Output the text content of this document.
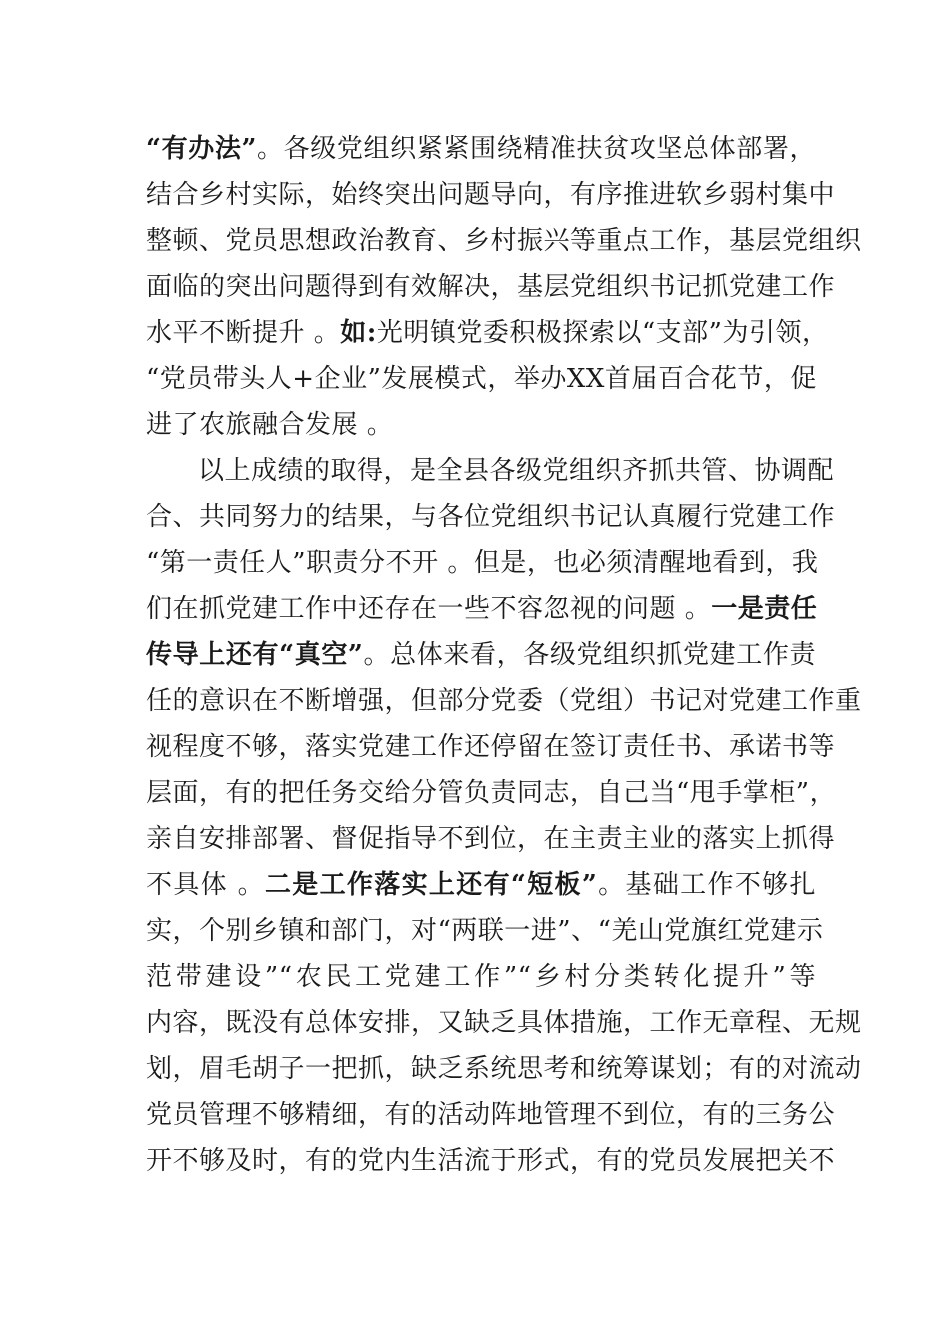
“有办法”。各级党组织紧紧围绕精准扶贫攻坚总体部署，
结合乡村实际，始终突出问题导向，有序推进软乡弱村集中
整顿、党员思想政治教育、乡村振兴等重点工作，基层党组织
面临的突出问题得到有效解决，基层党组织书记抓党建工作
水平不断提升 。如:光明镇党委积极探索以“支部”为引领，
“党员带头人+企业”发展模式，举办XX首届百合花节，促
进了农旅融合发展 。
以上成绩的取得，是全县各级党组织齐抓共管、协调配
合、共同努力的结果，与各位党组织书记认真履行党建工作
“第一责任人”职责分不开 。但是，也必须清醒地看到，我
们在抓党建工作中还存在一些不容忽视的问题 。一是责任
传导上还有“真空”。总体来看，各级党组织抓党建工作责
任的意识在不断增强，但部分党委（党组）书记对党建工作重
视程度不够，落实党建工作还停留在签订责任书、承诺书等
层面，有的把任务交给分管负责同志，自己当“甩手掌柜”，
亲自安排部署、督促指导不到位，在主责主业的落实上抓得
不具体 。二是工作落实上还有“短板”。基础工作不够扎
实，个别乡镇和部门，对“两联一进”、“羌山党旗红党建示
范带建设”“农民工党建工作”“乡村分类转化提升”等
内容，既没有总体安排，又缺乏具体措施，工作无章程、无规
划，眉毛胡子一把抓，缺乏系统思考和统筹谋划；有的对流动
党员管理不够精细，有的活动阵地管理不到位，有的三务公
开不够及时，有的党内生活流于形式，有的党员发展把关不
